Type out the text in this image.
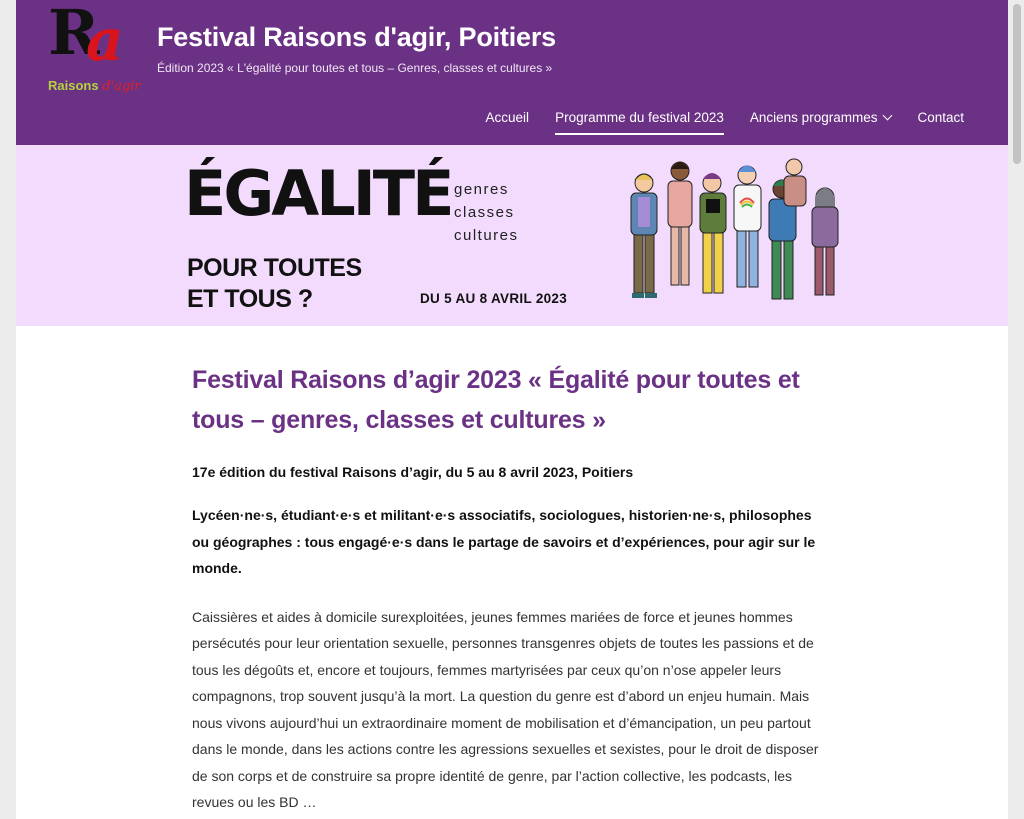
R
a
Raisons d'agir
Festival Raisons d'agir, Poitiers
Édition 2023 « L'égalité pour toutes et tous – Genres, classes et cultures »
Accueil Programme du festival 2023 Anciens programmes	Contact
ÉGALITÉ genres
classes
cultures
POUR TOUTES
ET TOUS ?	DU 5 AU 8 AVRIL 2023
Festival Raisons d’agir 2023 « Égalité pour toutes et tous – genres, classes et cultures »

17e édition du festival Raisons d’agir, du 5 au 8 avril 2023, Poitiers

Lycéen·ne·s, étudiant·e·s et militant·e·s associatifs, sociologues, historien·ne·s, philosophes ou géographes : tous engagé·e·s dans le partage de savoirs et d’expériences, pour agir sur le monde.

Caissières et aides à domicile surexploitées, jeunes femmes mariées de force et jeunes hommes persécutés pour leur orientation sexuelle, personnes transgenres objets de toutes les passions et de tous les dégoûts et, encore et toujours, femmes martyrisées par ceux qu’on n’ose appeler leurs compagnons, trop souvent jusqu’à la mort. La question du genre est d’abord un enjeu humain. Mais nous vivons aujourd’hui un extraordinaire moment de mobilisation et d’émancipation, un peu partout dans le monde, dans les actions contre les agressions sexuelles et sexistes, pour le droit de disposer de son corps et de construire sa propre identité de genre, par l’action collective, les podcasts, les revues ou les BD …
